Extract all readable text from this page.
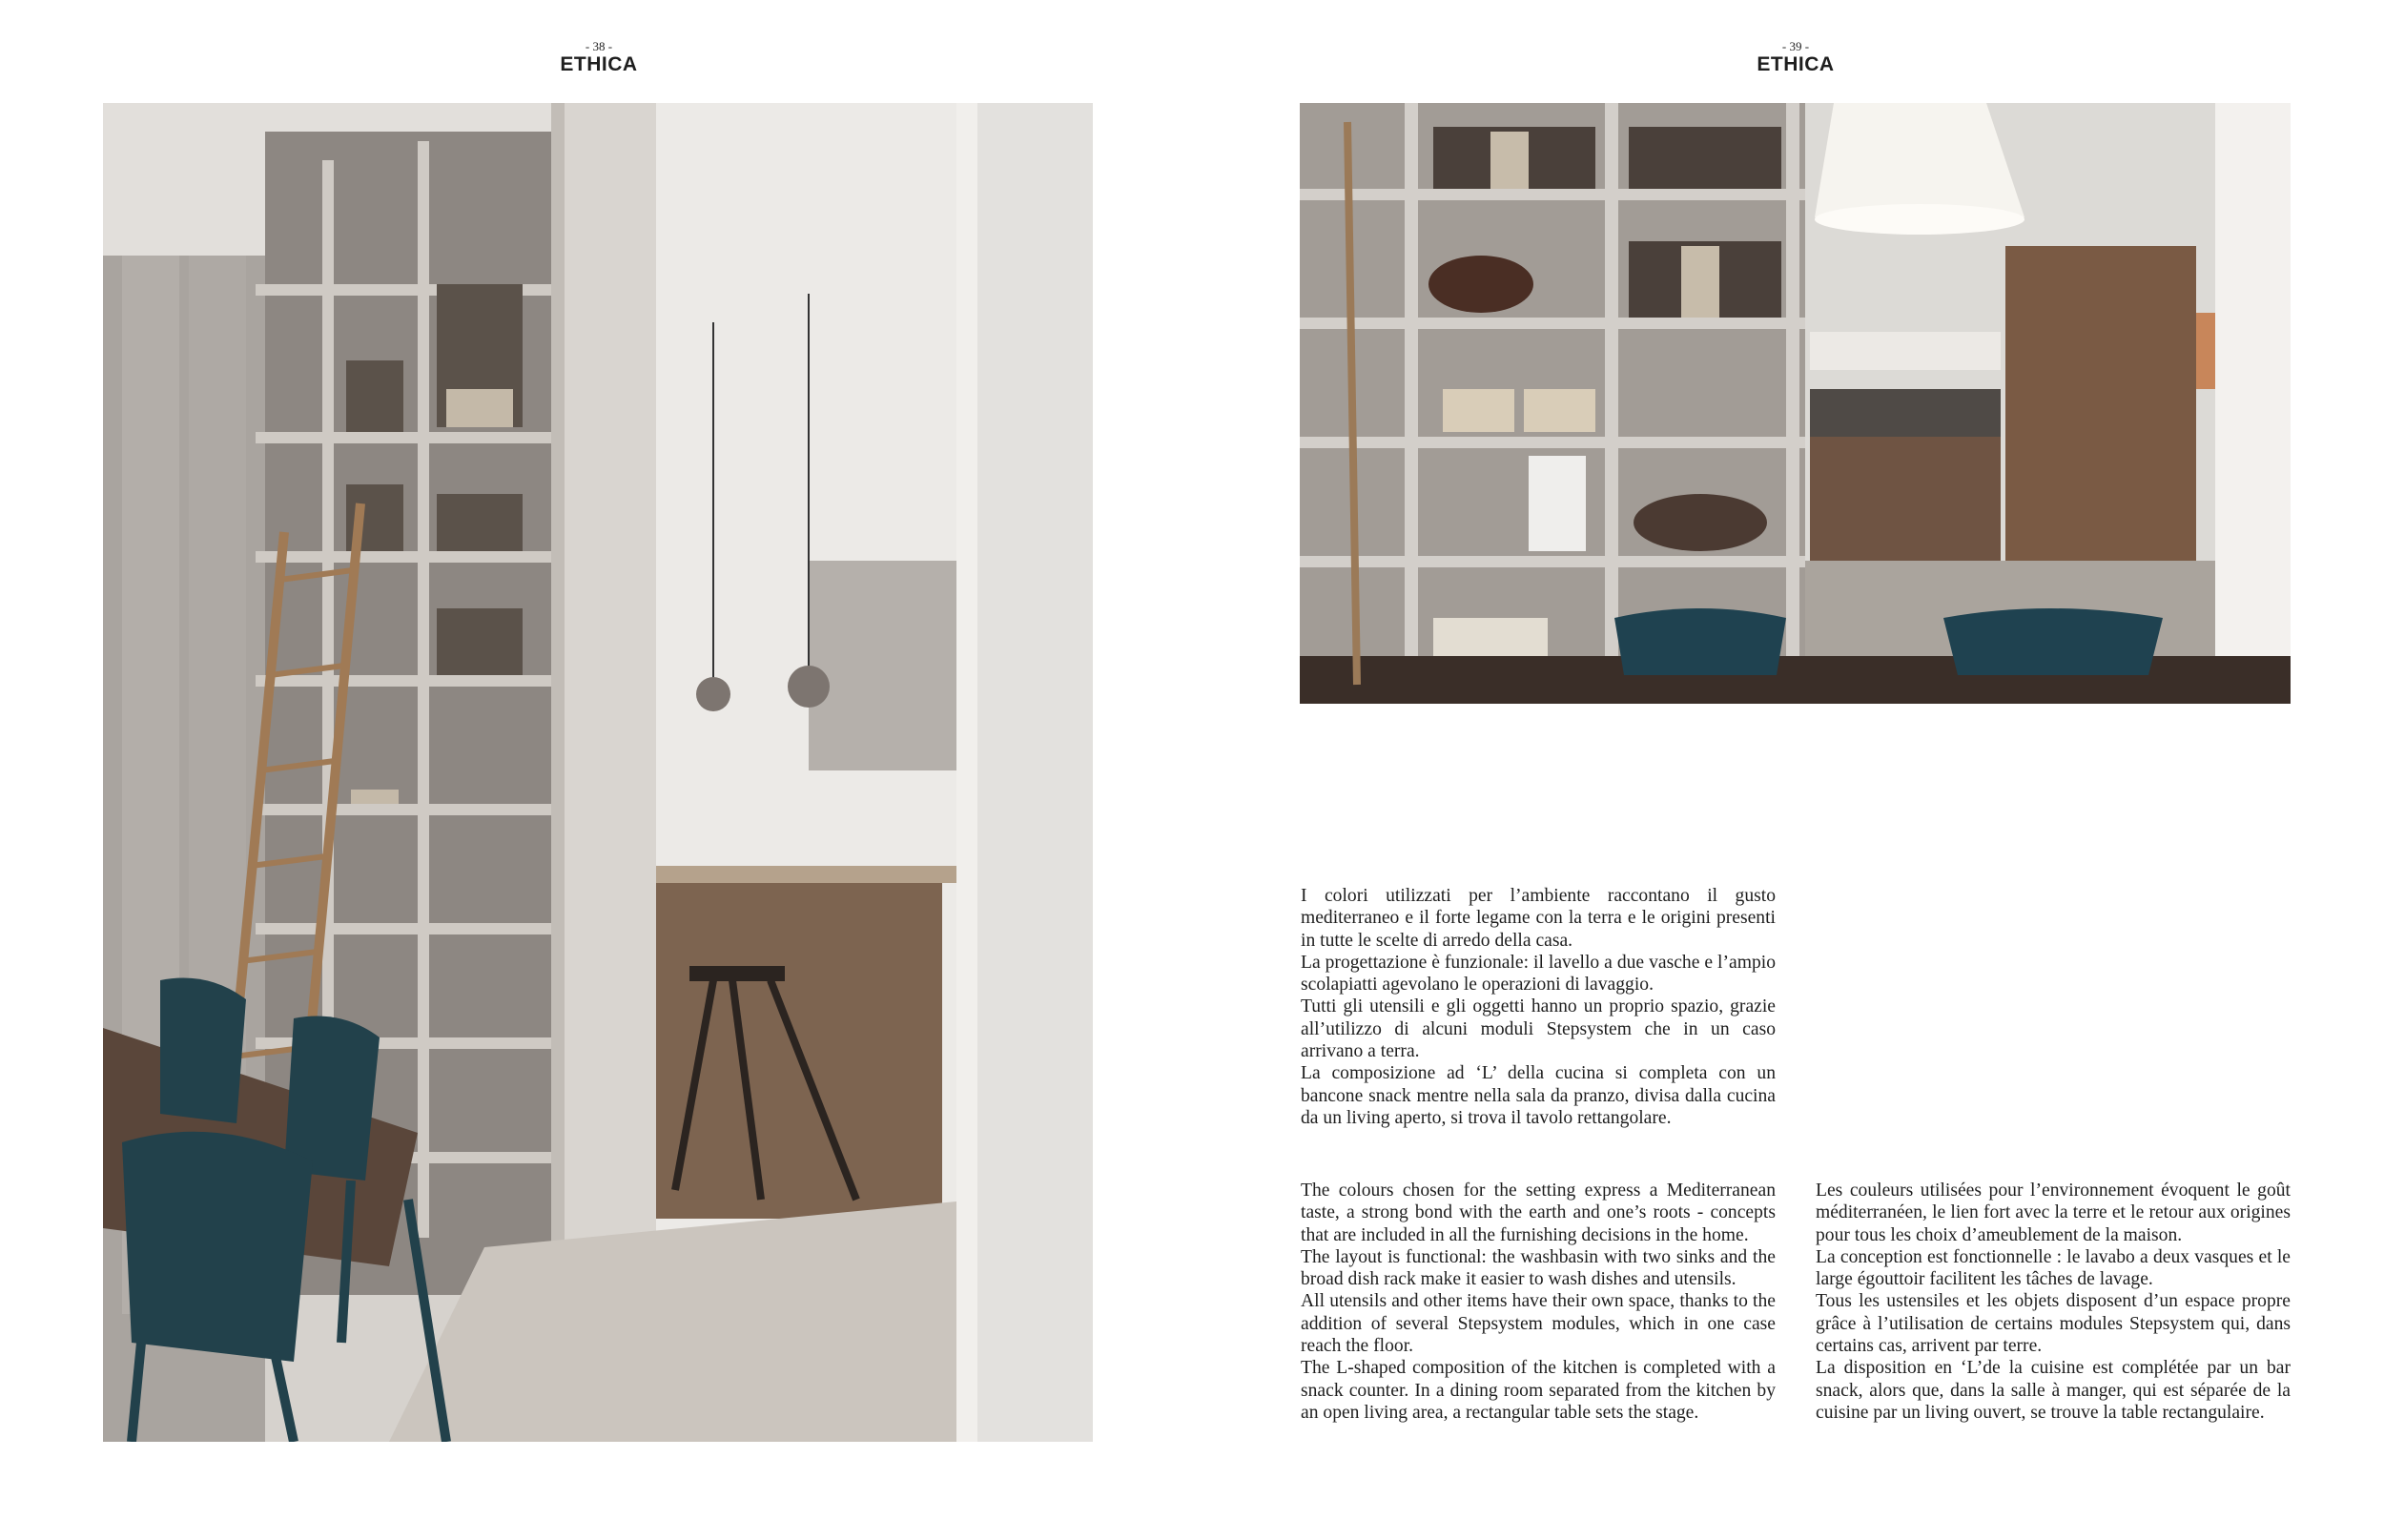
- 38 -
ETHICA
- 39 -
ETHICA

I colori utilizzati per l’ambiente raccontano il gusto mediterraneo e il forte legame con la terra e le origini presenti in tutte le scelte di arredo della casa.

La progettazione è funzionale: il lavello a due vasche e l’ampio scolapiatti agevolano le operazioni di lavaggio.

Tutti gli utensili e gli oggetti hanno un proprio spazio, grazie all’utilizzo di alcuni moduli Stepsystem che in un caso arrivano a terra.

La composizione ad ‘L’ della cucina si completa con un bancone snack mentre nella sala da pranzo, divisa dalla cucina da un living aperto, si trova il tavolo rettangolare.

The colours chosen for the setting express a Mediterranean taste, a strong bond with the earth and one’s roots - concepts that are included in all the furnishing decisions in the home.

The layout is functional: the washbasin with two sinks and the broad dish rack make it easier to wash dishes and utensils.

All utensils and other items have their own space, thanks to the addition of several Stepsystem modules, which in one case reach the floor.

The L-shaped composition of the kitchen is completed with a snack counter. In a dining room separated from the kitchen by an open living area, a rectangular table sets the stage.

Les couleurs utilisées pour l’environnement évoquent le goût méditerranéen, le lien fort avec la terre et le retour aux origines pour tous les choix d’ameublement de la maison.

La conception est fonctionnelle : le lavabo a deux vasques et le large égouttoir facilitent les tâches de lavage.

Tous les ustensiles et les objets disposent d’un espace propre grâce à l’utilisation de certains modules Stepsystem qui, dans certains cas, arrivent par terre.

La disposition en ‘L’de la cuisine est complétée par un bar snack, alors que, dans la salle à manger, qui est séparée de la cuisine par un living ouvert, se trouve la table rectangulaire.
